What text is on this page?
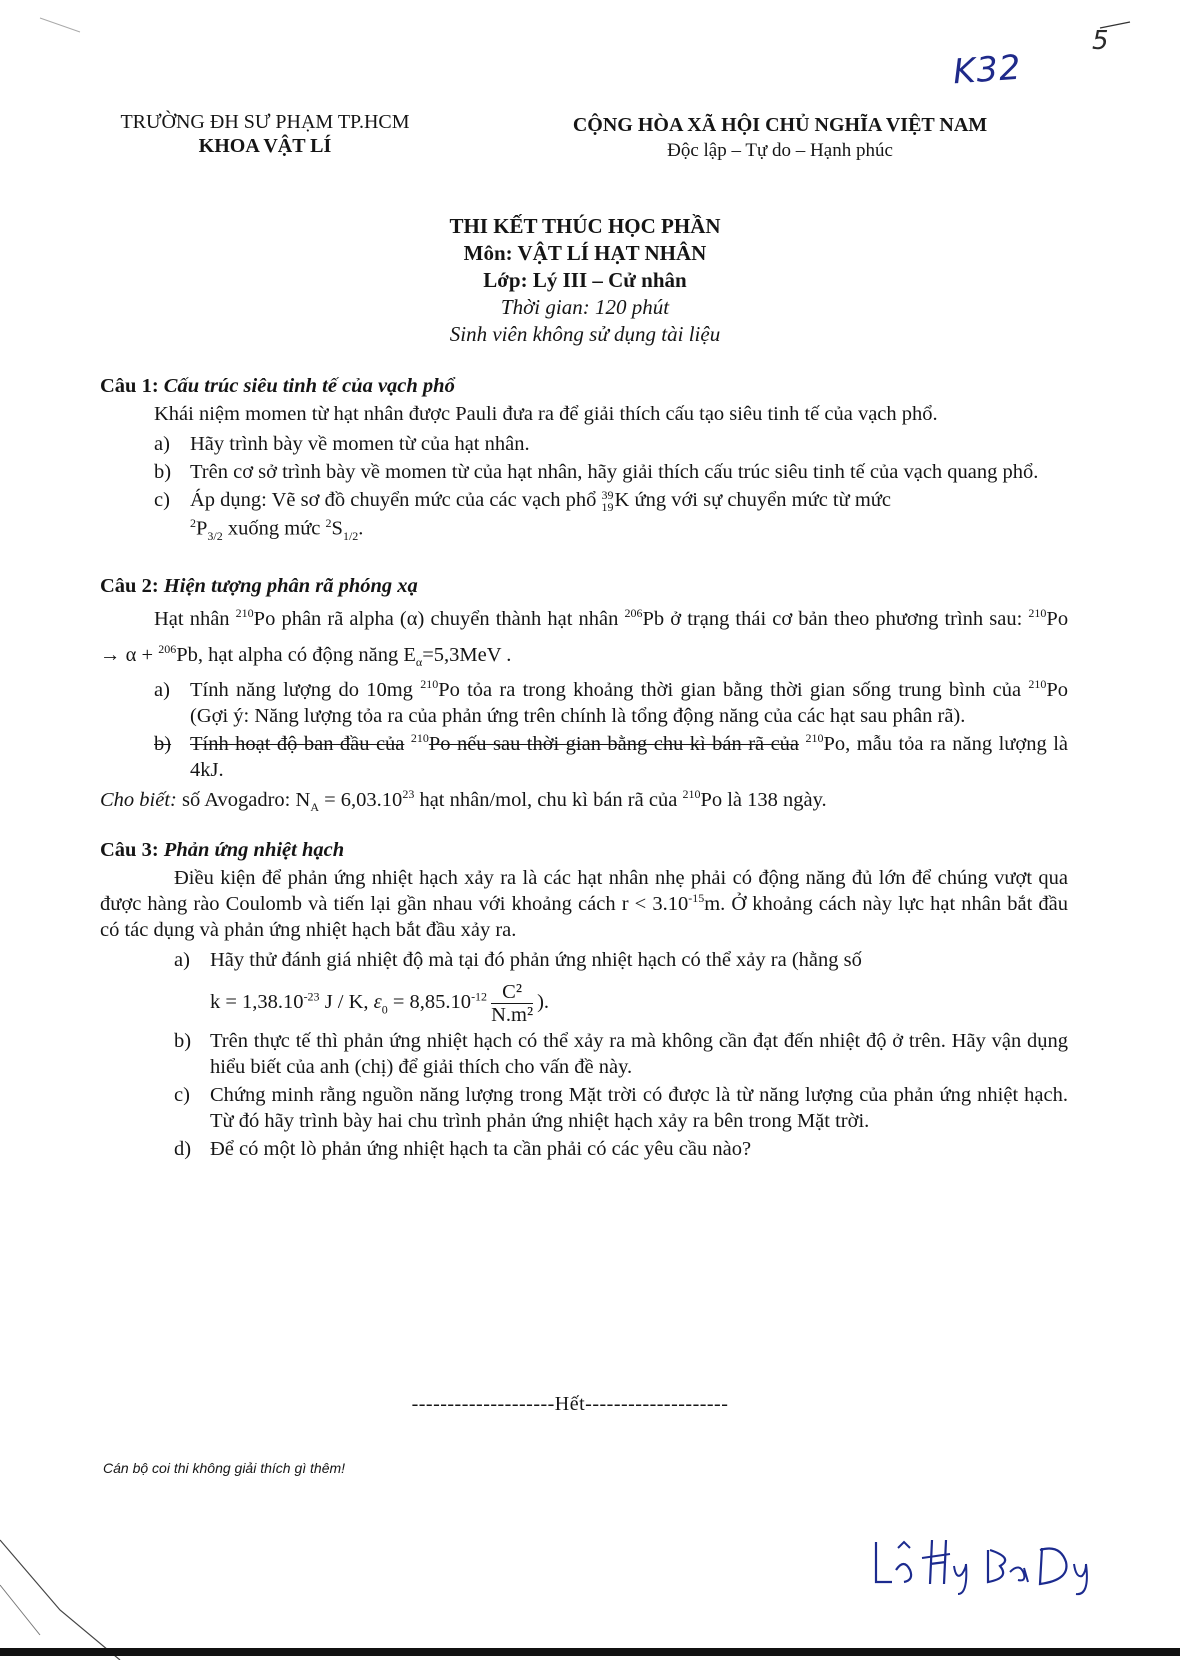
K32
5
TRƯỜNG ĐH SƯ PHẠM TP.HCM
KHOA VẬT LÍ
CỘNG HÒA XÃ HỘI CHỦ NGHĨA VIỆT NAM
Độc lập – Tự do – Hạnh phúc
THI KẾT THÚC HỌC PHẦN
Môn: VẬT LÍ HẠT NHÂN
Lớp: Lý III – Cử nhân
Thời gian: 120 phút
Sinh viên không sử dụng tài liệu

Câu 1: Cấu trúc siêu tinh tế của vạch phổ

Khái niệm momen từ hạt nhân được Pauli đưa ra để giải thích cấu tạo siêu tinh tế của vạch phổ.

a) Hãy trình bày về momen từ của hạt nhân.
b) Trên cơ sở trình bày về momen từ của hạt nhân, hãy giải thích cấu trúc siêu tinh tế của vạch quang phổ.
c) Áp dụng: Vẽ sơ đồ chuyển mức của các vạch phổ 39
19K ứng với sự chuyển mức từ mức
$^2P_{3/2}$ xuống mức $^2S_{1/2}$.

Câu 2: Hiện tượng phân rã phóng xạ

Hạt nhân $^{210}$Po phân rã alpha (α) chuyển thành hạt nhân $^{206}$Pb ở trạng thái cơ bản theo phương trình sau: $^{210}$Po → α + $^{206}$Pb, hạt alpha có động năng $E_\alpha=5,3MeV$ .

a) Tính năng lượng do 10mg $^{210}$Po tỏa ra trong khoảng thời gian bằng thời gian sống trung bình của $^{210}$Po (Gợi ý: Năng lượng tỏa ra của phản ứng trên chính là tổng động năng của các hạt sau phân rã).
b) Tính hoạt độ ban đầu của $^{210}$Po nếu sau thời gian bằng chu kì bán rã của $^{210}$Po, mẫu tỏa ra năng lượng là 4kJ.

Cho biết: số Avogadro: $N_A = 6,03.10^{23}$ hạt nhân/mol, chu kì bán rã của $^{210}$Po là 138 ngày.

Câu 3: Phản ứng nhiệt hạch

Điều kiện để phản ứng nhiệt hạch xảy ra là các hạt nhân nhẹ phải có động năng đủ lớn để chúng vượt qua được hàng rào Coulomb và tiến lại gần nhau với khoảng cách $r < 3.10^{-15}m$. Ở khoảng cách này lực hạt nhân bắt đầu có tác dụng và phản ứng nhiệt hạch bắt đầu xảy ra.

a) Hãy thử đánh giá nhiệt độ mà tại đó phản ứng nhiệt hạch có thể xảy ra (hằng số
$k = 1,38.10^{-23}$ J / K, $\varepsilon_0 = 8,85.10^{-12} \frac{\text{C²}}{\text{N.m²}}$ ).
b) Trên thực tế thì phản ứng nhiệt hạch có thể xảy ra mà không cần đạt đến nhiệt độ ở trên. Hãy vận dụng hiểu biết của anh (chị) để giải thích cho vấn đề này.
c) Chứng minh rằng nguồn năng lượng trong Mặt trời có được là từ năng lượng của phản ứng nhiệt hạch. Từ đó hãy trình bày hai chu trình phản ứng nhiệt hạch xảy ra bên trong Mặt trời.
d) Để có một lò phản ứng nhiệt hạch ta cần phải có các yêu cầu nào?
--------------------Hết--------------------
Cán bộ coi thi không giải thích gì thêm!
